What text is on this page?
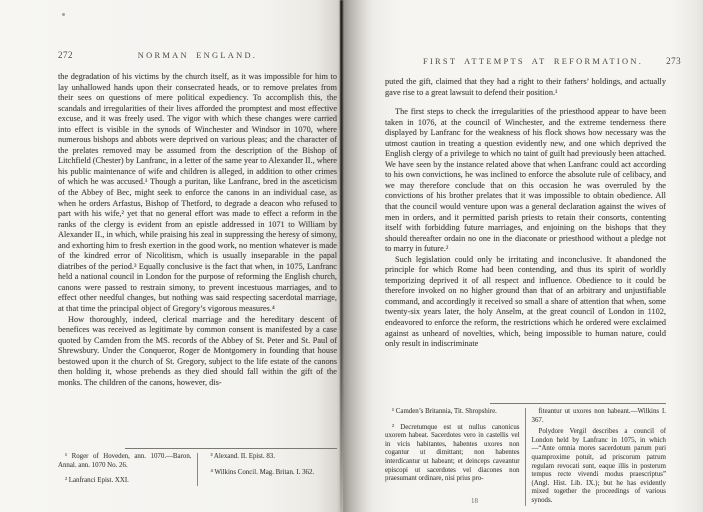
272	NORMAN ENGLAND.

the degradation of his victims by the church itself, as it was impossible for him to lay unhallowed hands upon their consecrated heads, or to remove prelates from their sees on questions of mere political expediency. To accomplish this, the scandals and irregularities of their lives afforded the promptest and most effective excuse, and it was freely used. The vigor with which these changes were carried into effect is visible in the synods of Winchester and Windsor in 1070, where numerous bishops and abbots were deprived on various pleas; and the character of the prelates removed may be assumed from the description of the Bishop of Litchfield (Chester) by Lanfranc, in a letter of the same year to Alexander II., where his public maintenance of wife and children is alleged, in addition to other crimes of which he was accused.¹ Though a puritan, like Lanfranc, bred in the asceticism of the Abbey of Bec, might seek to enforce the canons in an individual case, as when he orders Arfastus, Bishop of Thetford, to degrade a deacon who refused to part with his wife,² yet that no general effort was made to effect a reform in the ranks of the clergy is evident from an epistle addressed in 1071 to William by Alexander II., in which, while praising his zeal in suppressing the heresy of simony, and exhorting him to fresh exertion in the good work, no mention whatever is made of the kindred error of Nicolitism, which is usually inseparable in the papal diatribes of the period.³ Equally conclusive is the fact that when, in 1075, Lanfranc held a national council in London for the purpose of reforming the English church, canons were passed to restrain simony, to prevent incestuous marriages, and to effect other needful changes, but nothing was said respecting sacerdotal marriage, at that time the principal object of Gregory’s vigorous measures.⁴

How thoroughly, indeed, clerical marriage and the hereditary descent of benefices was received as legitimate by common consent is manifested by a case quoted by Camden from the MS. records of the Abbey of St. Peter and St. Paul of Shrewsbury. Under the Conqueror, Roger de Montgomery in founding that house bestowed upon it the church of St. Gregory, subject to the life estate of the canons then holding it, whose prebends as they died should fall within the gift of the monks. The children of the canons, however, dis-

¹ Roger of Hoveden, ann. 1070.—Baron. Annal. ann. 1070 No. 26.

² Lanfranci Epist. XXI.

³ Alexand. II. Epist. 83.

⁴ Wilkins Concil. Mag. Britan. I. 362.

FIRST ATTEMPTS AT REFORMATION.	273

puted the gift, claimed that they had a right to their fathers’ holdings, and actually gave rise to a great lawsuit to defend their position.¹

The first steps to check the irregularities of the priesthood appear to have been taken in 1076, at the council of Winchester, and the extreme tenderness there displayed by Lanfranc for the weakness of his flock shows how necessary was the utmost caution in treating a question evidently new, and one which deprived the English clergy of a privilege to which no taint of guilt had previously been attached. We have seen by the instance related above that when Lanfranc could act according to his own convictions, he was inclined to enforce the absolute rule of celibacy, and we may therefore conclude that on this occasion he was overruled by the convictions of his brother prelates that it was impossible to obtain obedience. All that the council would venture upon was a general declaration against the wives of men in orders, and it permitted parish priests to retain their consorts, contenting itself with forbidding future marriages, and enjoining on the bishops that they should thereafter ordain no one in the diaconate or priesthood without a pledge not to marry in future.²

Such legislation could only be irritating and inconclusive. It abandoned the principle for which Rome had been contending, and thus its spirit of worldly temporizing deprived it of all respect and influence. Obedience to it could be therefore invoked on no higher ground than that of an arbitrary and unjustifiable command, and accordingly it received so small a share of attention that when, some twenty-six years later, the holy Anselm, at the great council of London in 1102, endeavored to enforce the reform, the restrictions which he ordered were exclaimed against as unheard of novelties, which, being impossible to human nature, could only result in indiscriminate

¹ Camden’s Britannia, Tit. Shropshire.

² Decretumque est ut nullus canonicus uxorem habeat. Sacerdotes vero in castellis vel in vicis habitantes, habentes uxores non cogantur ut dimittant; non habentes interdicantur ut habeant; et deinceps caveantur episcopi ut sacerdotes vel diacones non praesumant ordinare, nisi prius pro-

fiteantur ut uxores non habeant.—Wilkins I. 367.

Polydore Vergil describes a council of London held by Lanfranc in 1075, in which—“Ante omnia mores sacerdotum parum puri quamproxime potuit, ad priscorum patrum regulam revocati sunt, eaque illis in posterum tempus recte vivendi modus praescriptus” (Angl. Hist. Lib. IX.); but he has evidently mixed together the proceedings of various synods.

18
